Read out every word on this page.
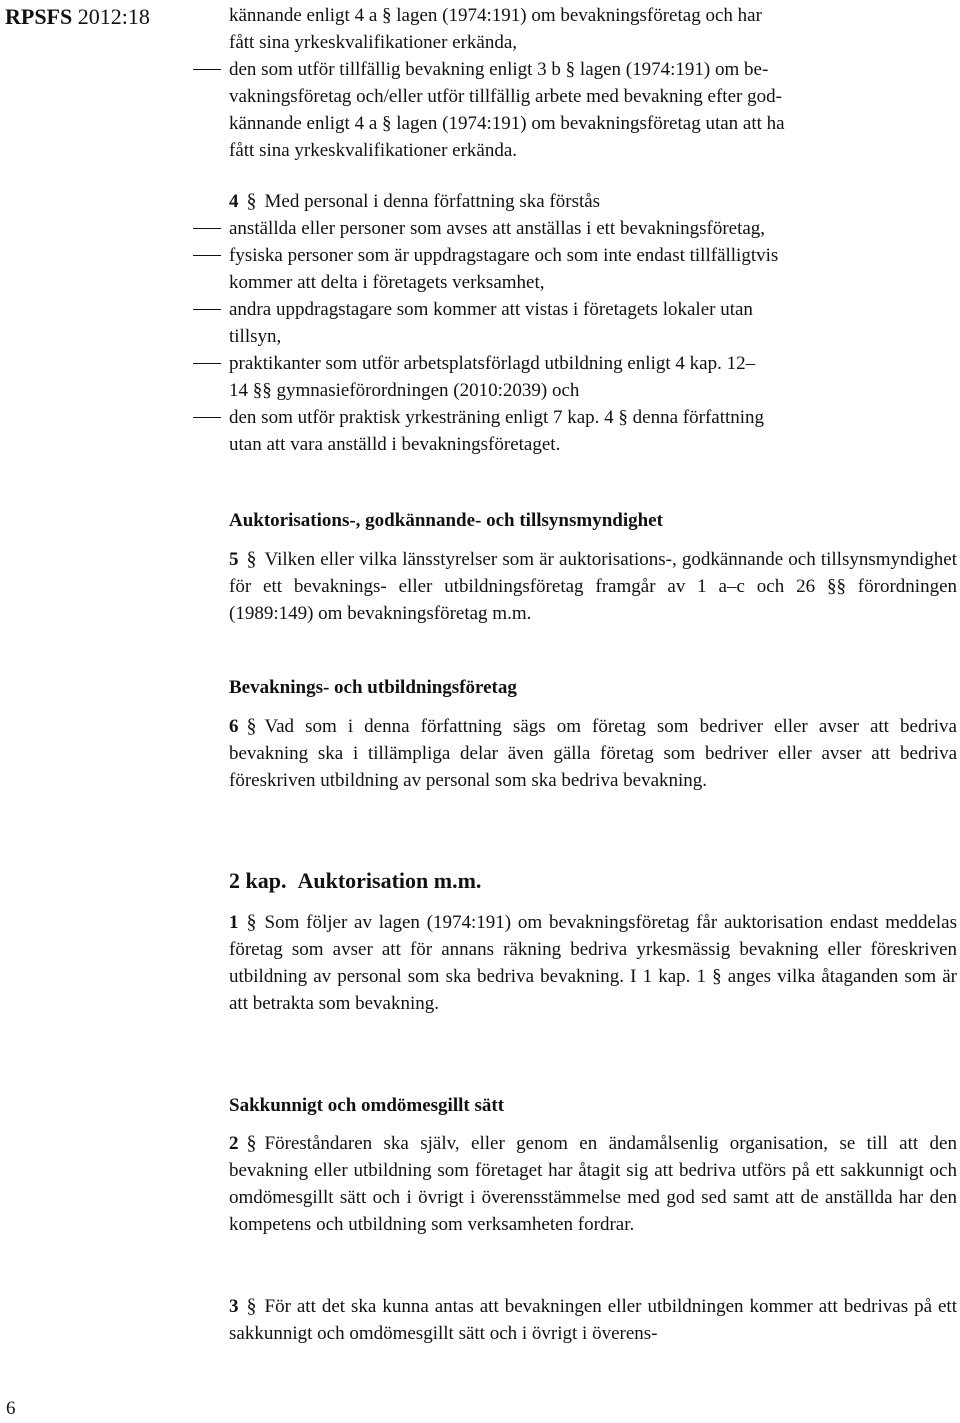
RPSFS 2012:18	kännande enligt 4 a § lagen (1974:191) om bevakningsföretag och har
fått sina yrkeskvalifikationer erkända,
den som utför tillfällig bevakning enligt 3 b § lagen (1974:191) om be-
vakningsföretag och/eller utför tillfällig arbete med bevakning efter god-
kännande enligt 4 a § lagen (1974:191) om bevakningsföretag utan att ha
fått sina yrkeskvalifikationer erkända.
4 § Med personal i denna författning ska förstås
anställda eller personer som avses att anställas i ett bevakningsföretag,
fysiska personer som är uppdragstagare och som inte endast tillfälligtvis
kommer att delta i företagets verksamhet,
andra uppdragstagare som kommer att vistas i företagets lokaler utan
tillsyn,
praktikanter som utför arbetsplatsförlagd utbildning enligt 4 kap. 12–
14 §§ gymnasieförordningen (2010:2039) och
den som utför praktisk yrkesträning enligt 7 kap. 4 § denna författning
utan att vara anställd i bevakningsföretaget.
Auktorisations-, godkännande- och tillsynsmyndighet
5 § Vilken eller vilka länsstyrelser som är auktorisations-, godkännande och tillsynsmyndighet för ett bevaknings- eller utbildningsföretag framgår av 1 a–c och 26 §§ förordningen (1989:149) om bevakningsföretag m.m.
Bevaknings- och utbildningsföretag
6 § Vad som i denna författning sägs om företag som bedriver eller avser att bedriva bevakning ska i tillämpliga delar även gälla företag som bedriver eller avser att bedriva föreskriven utbildning av personal som ska bedriva bevakning.
2 kap. Auktorisation m.m.
1 § Som följer av lagen (1974:191) om bevakningsföretag får auktorisation endast meddelas företag som avser att för annans räkning bedriva yrkesmässig bevakning eller föreskriven utbildning av personal som ska bedriva bevakning. I 1 kap. 1 § anges vilka åtaganden som är att betrakta som bevakning.
Sakkunnigt och omdömesgillt sätt
2 § Föreståndaren ska själv, eller genom en ändamålsenlig organisation, se till att den bevakning eller utbildning som företaget har åtagit sig att bedriva utförs på ett sakkunnigt och omdömesgillt sätt och i övrigt i överensstämmelse med god sed samt att de anställda har den kompetens och utbildning som verksamheten fordrar.
3 § För att det ska kunna antas att bevakningen eller utbildningen kommer att bedrivas på ett sakkunnigt och omdömesgillt sätt och i övrigt i överens-
6
